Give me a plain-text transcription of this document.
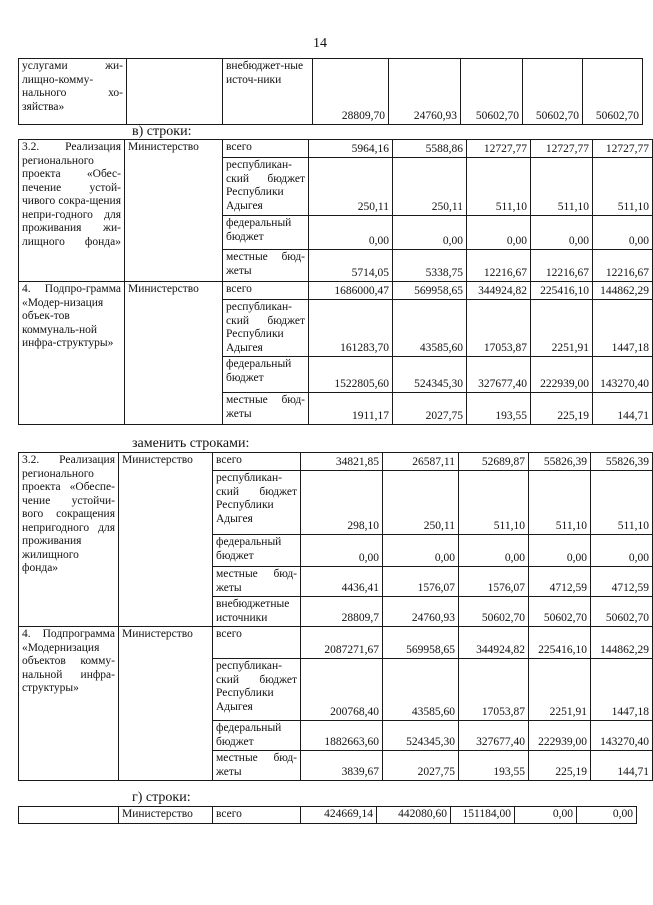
14
услугами жи-лищно-комму-нального хо-зяйства»		внебюджет-ные источ-ники	28809,70	24760,93	50602,70	50602,70	50602,70
в) строки:
3.2. Реализация регионального проекта «Обес-печение устой-чивого сокра-щения непри-годного для проживания жи-лищного фонда»	Министерство	всего	5964,16	5588,86	12727,77	12727,77	12727,77
		республикан-ский бюджет Республики Адыгея	250,11	250,11	511,10	511,10	511,10
		федеральный бюджет	0,00	0,00	0,00	0,00	0,00
		местные бюд-жеты	5714,05	5338,75	12216,67	12216,67	12216,67
4. Подпро-грамма «Модер-низация объек-тов коммуналь-ной инфра-структуры»	Министерство	всего	1686000,47	569958,65	344924,82	225416,10	144862,29
		республикан-ский бюджет Республики Адыгея	161283,70	43585,60	17053,87	2251,91	1447,18
		федеральный бюджет	1522805,60	524345,30	327677,40	222939,00	143270,40
		местные бюд-жеты	1911,17	2027,75	193,55	225,19	144,71
заменить строками:
3.2. Реализация регионального проекта «Обеспе-чение устойчи-вого сокращения непригодного для проживания жилищного фонда»	Министерство	всего	34821,85	26587,11	52689,87	55826,39	55826,39
		республикан-ский бюджет Республики Адыгея	298,10	250,11	511,10	511,10	511,10
		федеральный бюджет	0,00	0,00	0,00	0,00	0,00
		местные бюд-жеты	4436,41	1576,07	1576,07	4712,59	4712,59
		внебюджетные источники	28809,7	24760,93	50602,70	50602,70	50602,70
4. Подпрограмма «Модернизация объектов комму-нальной инфра-структуры»	Министерство	всего	2087271,67	569958,65	344924,82	225416,10	144862,29
		республикан-ский бюджет Республики Адыгея	200768,40	43585,60	17053,87	2251,91	1447,18
		федеральный бюджет	1882663,60	524345,30	327677,40	222939,00	143270,40
		местные бюд-жеты	3839,67	2027,75	193,55	225,19	144,71
г) строки:
	Министерство	всего	424669,14	442080,60	151184,00	0,00	0,00
